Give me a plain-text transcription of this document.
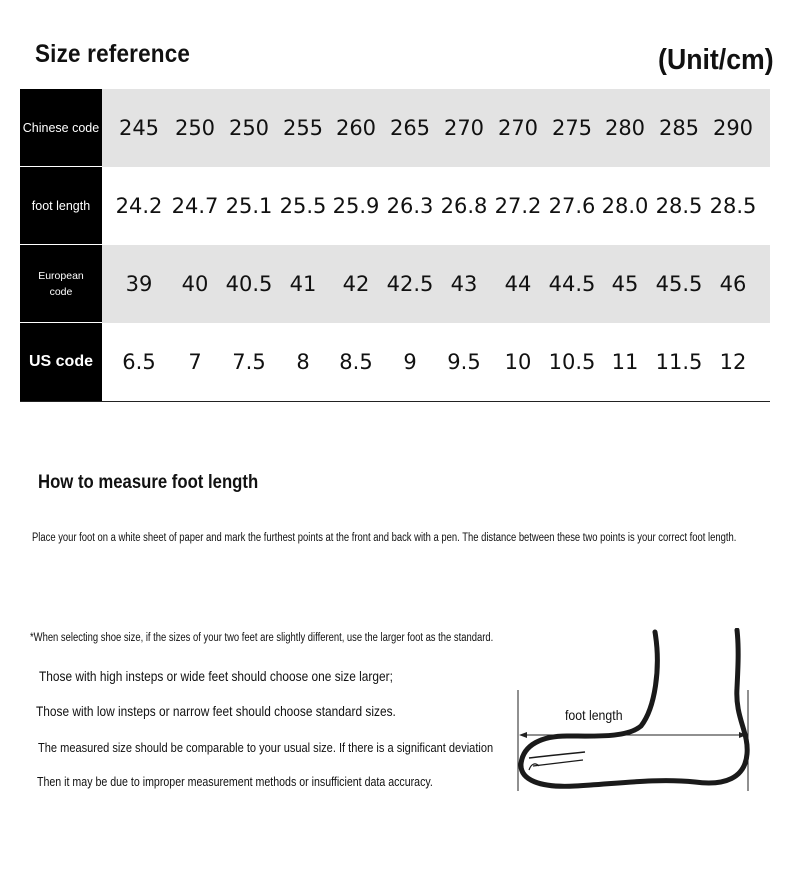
Size reference	(Unit/cm)
Chinese code 245 250 250 255 260 265 270 270 275 280 285 290
foot length 24.2 24.7 25.1 25.5 25.9 26.3 26.8 27.2 27.6 28.0 28.5 28.5
European
code	39 40 40.5 41 42 42.5 43 44 44.5 45 45.5 46
US code 6.5 7 7.5 8 8.5 9 9.5 10 10.5 11 11.5 12
How to measure foot length
Place your foot on a white sheet of paper and mark the furthest points at the front and back with a pen. The distance between these two points is your correct foot length.
*When selecting shoe size, if the sizes of your two feet are slightly different, use the larger foot as the standard.
Those with high insteps or wide feet should choose one size larger;
Those with low insteps or narrow feet should choose standard sizes.
The measured size should be comparable to your usual size. If there is a significant deviation
Then it may be due to improper measurement methods or insufficient data accuracy.
foot length
